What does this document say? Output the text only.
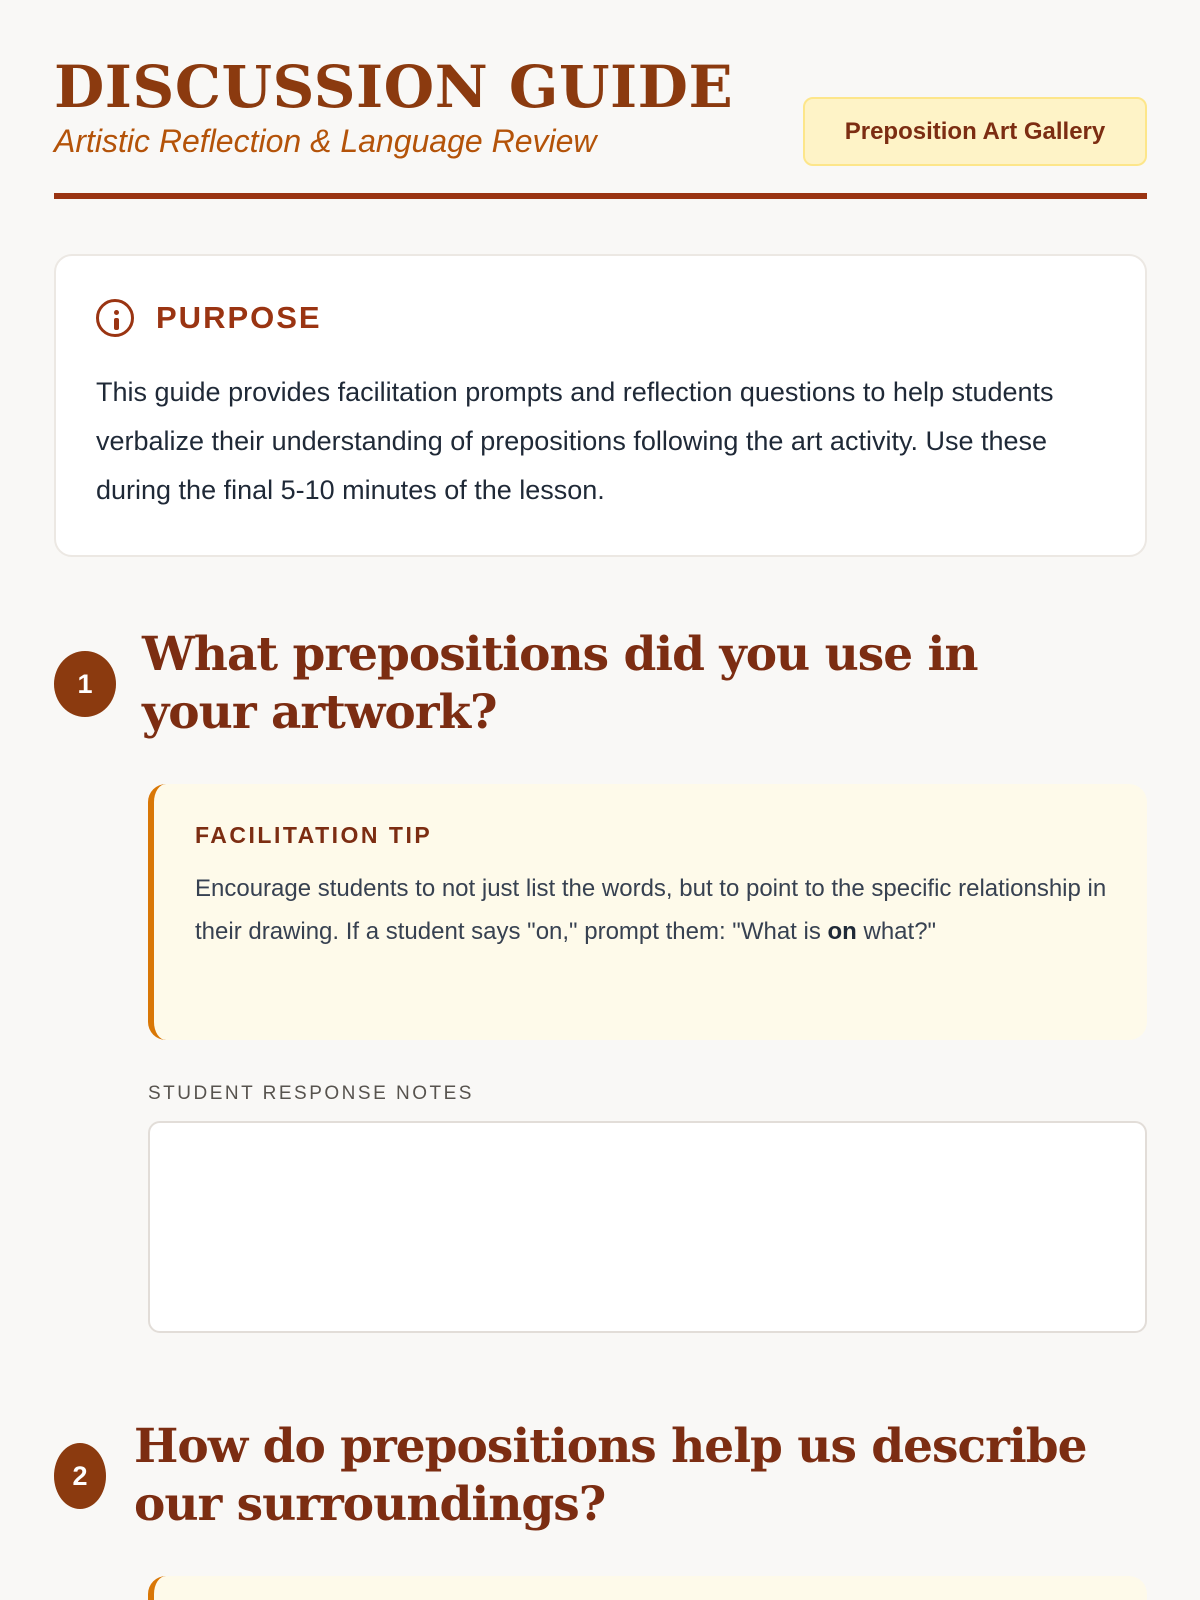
DISCUSSION GUIDE
Artistic Reflection & Language Review	Preposition Art Gallery
PURPOSE

This guide provides facilitation prompts and reflection questions to help students verbalize their understanding of prepositions following the art activity. Use these during the final 5-10 minutes of the lesson.

1
What prepositions did you use in your artwork?
FACILITATION TIP

Encourage students to not just list the words, but to point to the specific relationship in their drawing. If a student says "on," prompt them: "What is on what?"

STUDENT RESPONSE NOTES
2
How do prepositions help us describe our surroundings?
